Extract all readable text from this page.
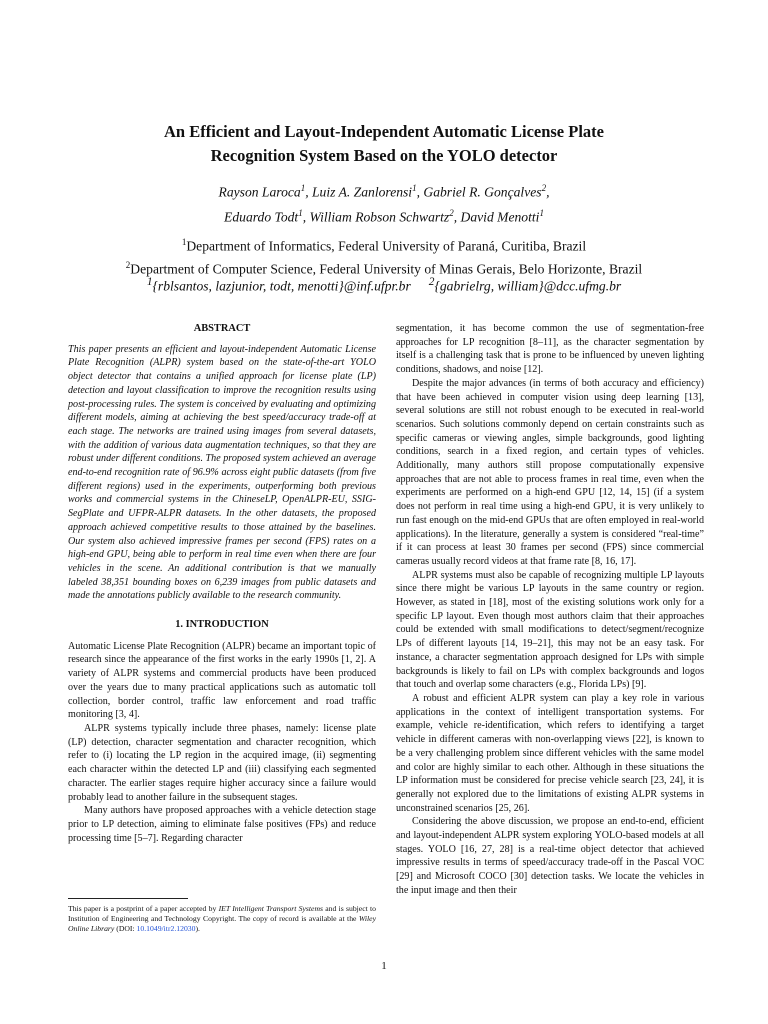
An Efficient and Layout-Independent Automatic License Plate
Recognition System Based on the YOLO detector
Rayson Laroca$^1$, Luiz A. Zanlorensi$^1$, Gabriel R. Gonçalves$^2$,
Eduardo Todt$^1$, William Robson Schwartz$^2$, David Menotti$^1$
$^1$Department of Informatics, Federal University of Paraná, Curitiba, Brazil
$^2$Department of Computer Science, Federal University of Minas Gerais, Belo Horizonte, Brazil
$^1${rblsantos, lazjunior, todt, menotti}@inf.ufpr.br $^2${gabrielrg, william}@dcc.ufmg.br
ABSTRACT

This paper presents an efficient and layout-independent Automatic License Plate Recognition (ALPR) system based on the state-of-the-art YOLO object detector that contains a unified approach for license plate (LP) detection and layout classification to improve the recognition results using post-processing rules. The system is conceived by evaluating and optimizing different models, aiming at achieving the best speed/accuracy trade-off at each stage. The networks are trained using images from several datasets, with the addition of various data augmentation techniques, so that they are robust under different conditions. The proposed system achieved an average end-to-end recognition rate of 96.9% across eight public datasets (from five different regions) used in the experiments, outperforming both previous works and commercial systems in the ChineseLP, OpenALPR-EU, SSIG-SegPlate and UFPR-ALPR datasets. In the other datasets, the proposed approach achieved competitive results to those attained by the baselines. Our system also achieved impressive frames per second (FPS) rates on a high-end GPU, being able to perform in real time even when there are four vehicles in the scene. An additional contribution is that we manually labeled 38,351 bounding boxes on 6,239 images from public datasets and made the annotations publicly available to the research community.

1. INTRODUCTION

Automatic License Plate Recognition (ALPR) became an important topic of research since the appearance of the first works in the early 1990s [1, 2]. A variety of ALPR systems and commercial products have been produced over the years due to many practical applications such as automatic toll collection, border control, traffic law enforcement and road traffic monitoring [3, 4].

ALPR systems typically include three phases, namely: license plate (LP) detection, character segmentation and character recognition, which refer to (i) locating the LP region in the acquired image, (ii) segmenting each character within the detected LP and (iii) classifying each segmented character. The earlier stages require higher accuracy since a failure would probably lead to another failure in the subsequent stages.

Many authors have proposed approaches with a vehicle detection stage prior to LP detection, aiming to eliminate false positives (FPs) and reduce processing time [5–7]. Regarding character

This paper is a postprint of a paper accepted by IET Intelligent Transport Systems and is subject to Institution of Engineering and Technology Copyright. The copy of record is available at the Wiley Online Library (DOI: 10.1049/itr2.12030).

segmentation, it has become common the use of segmentation-free approaches for LP recognition [8–11], as the character segmentation by itself is a challenging task that is prone to be influenced by uneven lighting conditions, shadows, and noise [12].

Despite the major advances (in terms of both accuracy and efficiency) that have been achieved in computer vision using deep learning [13], several solutions are still not robust enough to be executed in real-world scenarios. Such solutions commonly depend on certain constraints such as specific cameras or viewing angles, simple backgrounds, good lighting conditions, search in a fixed region, and certain types of vehicles. Additionally, many authors still propose computationally expensive approaches that are not able to process frames in real time, even when the experiments are performed on a high-end GPU [12, 14, 15] (if a system does not perform in real time using a high-end GPU, it is very unlikely to run fast enough on the mid-end GPUs that are often employed in real-world applications). In the literature, generally a system is considered “real-time” if it can process at least 30 frames per second (FPS) since commercial cameras usually record videos at that frame rate [8, 16, 17].

ALPR systems must also be capable of recognizing multiple LP layouts since there might be various LP layouts in the same country or region. However, as stated in [18], most of the existing solutions work only for a specific LP layout. Even though most authors claim that their approaches could be extended with small modifications to detect/segment/recognize LPs of different layouts [14, 19–21], this may not be an easy task. For instance, a character segmentation approach designed for LPs with simple backgrounds is likely to fail on LPs with complex backgrounds and logos that touch and overlap some characters (e.g., Florida LPs) [9].

A robust and efficient ALPR system can play a key role in various applications in the context of intelligent transportation systems. For example, vehicle re-identification, which refers to identifying a target vehicle in different cameras with non-overlapping views [22], is known to be a very challenging problem since different vehicles with the same model and color are highly similar to each other. Although in these situations the LP information must be considered for precise vehicle search [23, 24], it is generally not explored due to the limitations of existing ALPR systems in unconstrained scenarios [25, 26].

Considering the above discussion, we propose an end-to-end, efficient and layout-independent ALPR system exploring YOLO-based models at all stages. YOLO [16, 27, 28] is a real-time object detector that achieved impressive results in terms of speed/accuracy trade-off in the Pascal VOC [29] and Microsoft COCO [30] detection tasks. We locate the vehicles in the input image and then their

1
